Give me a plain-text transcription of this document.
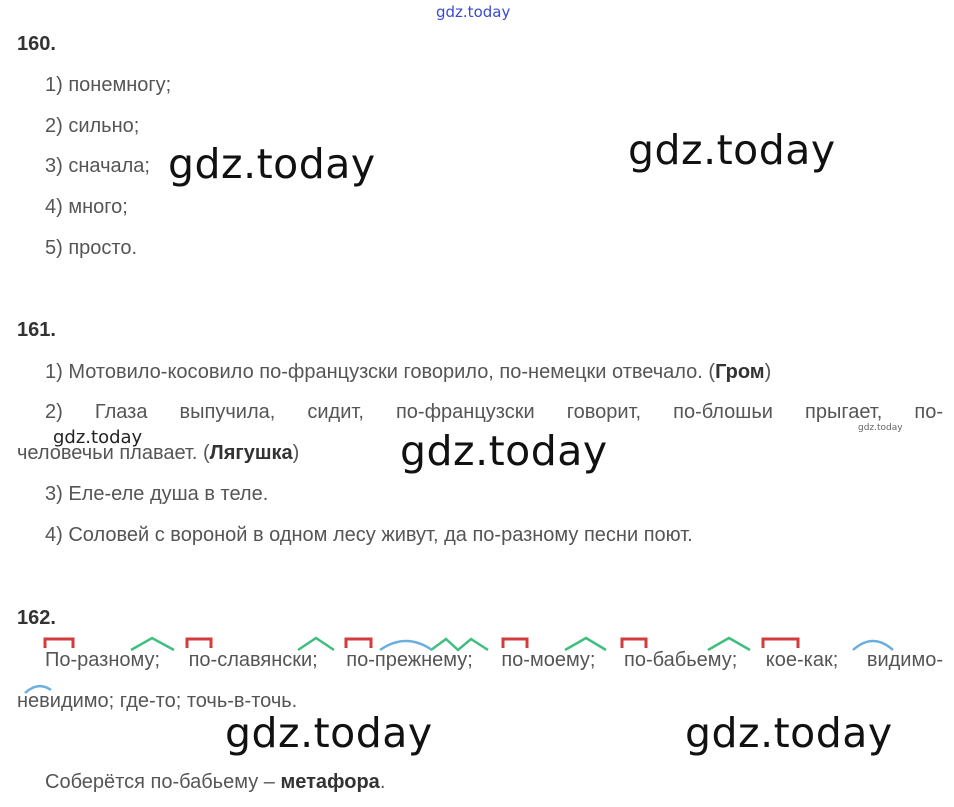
gdz.today
160.
1) понемногу;
2) сильно;
3) сначала;
4) много;
5) просто.
gdz.today	gdz.today
161.
1) Мотовило-косовило по-французски говорило, по-немецки отвечало. (Гром)
2) Глаза выпучила, сидит, по-французски говорит, по-блошьи прыгает, по-
человечьи плавает. (Лягушка)
3) Еле-еле душа в теле.
4) Соловей с вороной в одном лесу живут, да по-разному песни поют.
gdz.today	gdz.today
gdz.today
162.
По-разному; по-славянски; по-прежнему; по-моему; по-бабьему; кое-как; видимо-
невидимо; где-то; точь-в-точь.
Соберётся по-бабьему – метафора.
gdz.today	gdz.today
